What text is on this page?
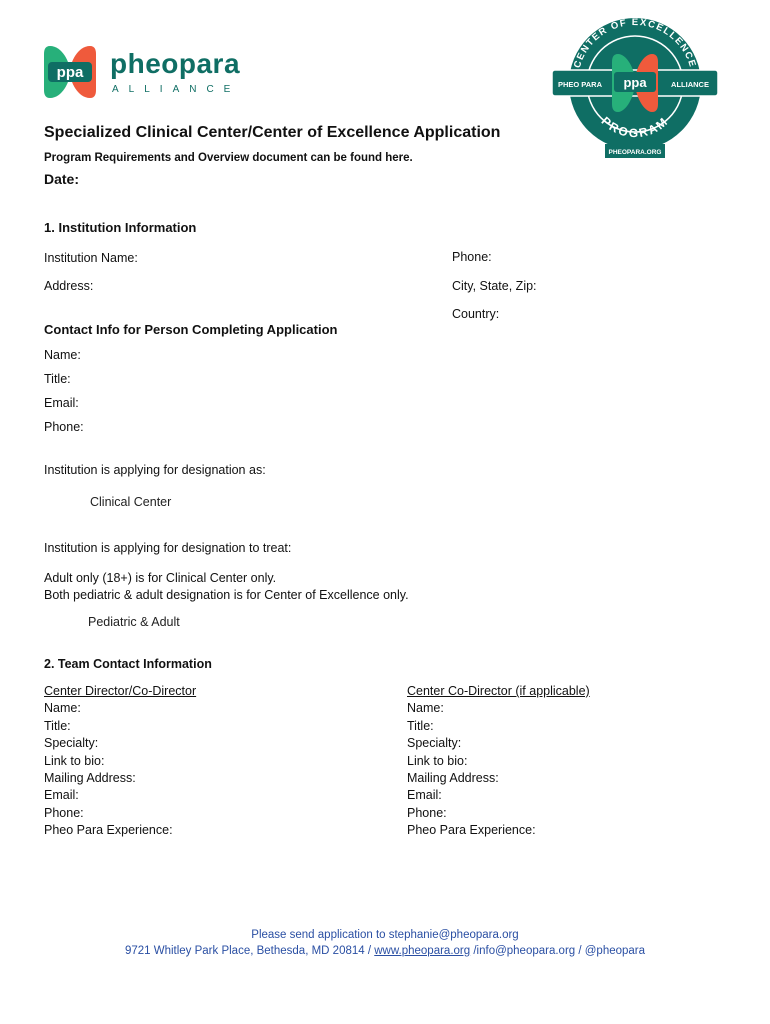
ppa pheopara
ALLIANCE
CENTER OF EXCELLENCE
PHEO PARA	ALLIANCE
ppa
PROGRAM
PHEOPARA.ORG
Specialized Clinical Center/Center of Excellence Application
Program Requirements and Overview document can be found here.
Date:
1. Institution Information
Institution Name:
Address:
Phone:
City, State, Zip:
Country:
Contact Info for Person Completing Application
Name:
Title:
Email:
Phone:
Institution is applying for designation as:
Clinical Center
Institution is applying for designation to treat:
Adult only (18+) is for Clinical Center only.
Both pediatric & adult designation is for Center of Excellence only.
Pediatric & Adult
2. Team Contact Information
Center Director/Co-Director
Name:
Title:
Specialty:
Link to bio:
Mailing Address:
Email:
Phone:
Pheo Para Experience:
Center Co-Director (if applicable)
Name:
Title:
Specialty:
Link to bio:
Mailing Address:
Email:
Phone:
Pheo Para Experience:
Please send application to stephanie@pheopara.org
9721 Whitley Park Place, Bethesda, MD 20814 / www.pheopara.org /info@pheopara.org / @pheopara
